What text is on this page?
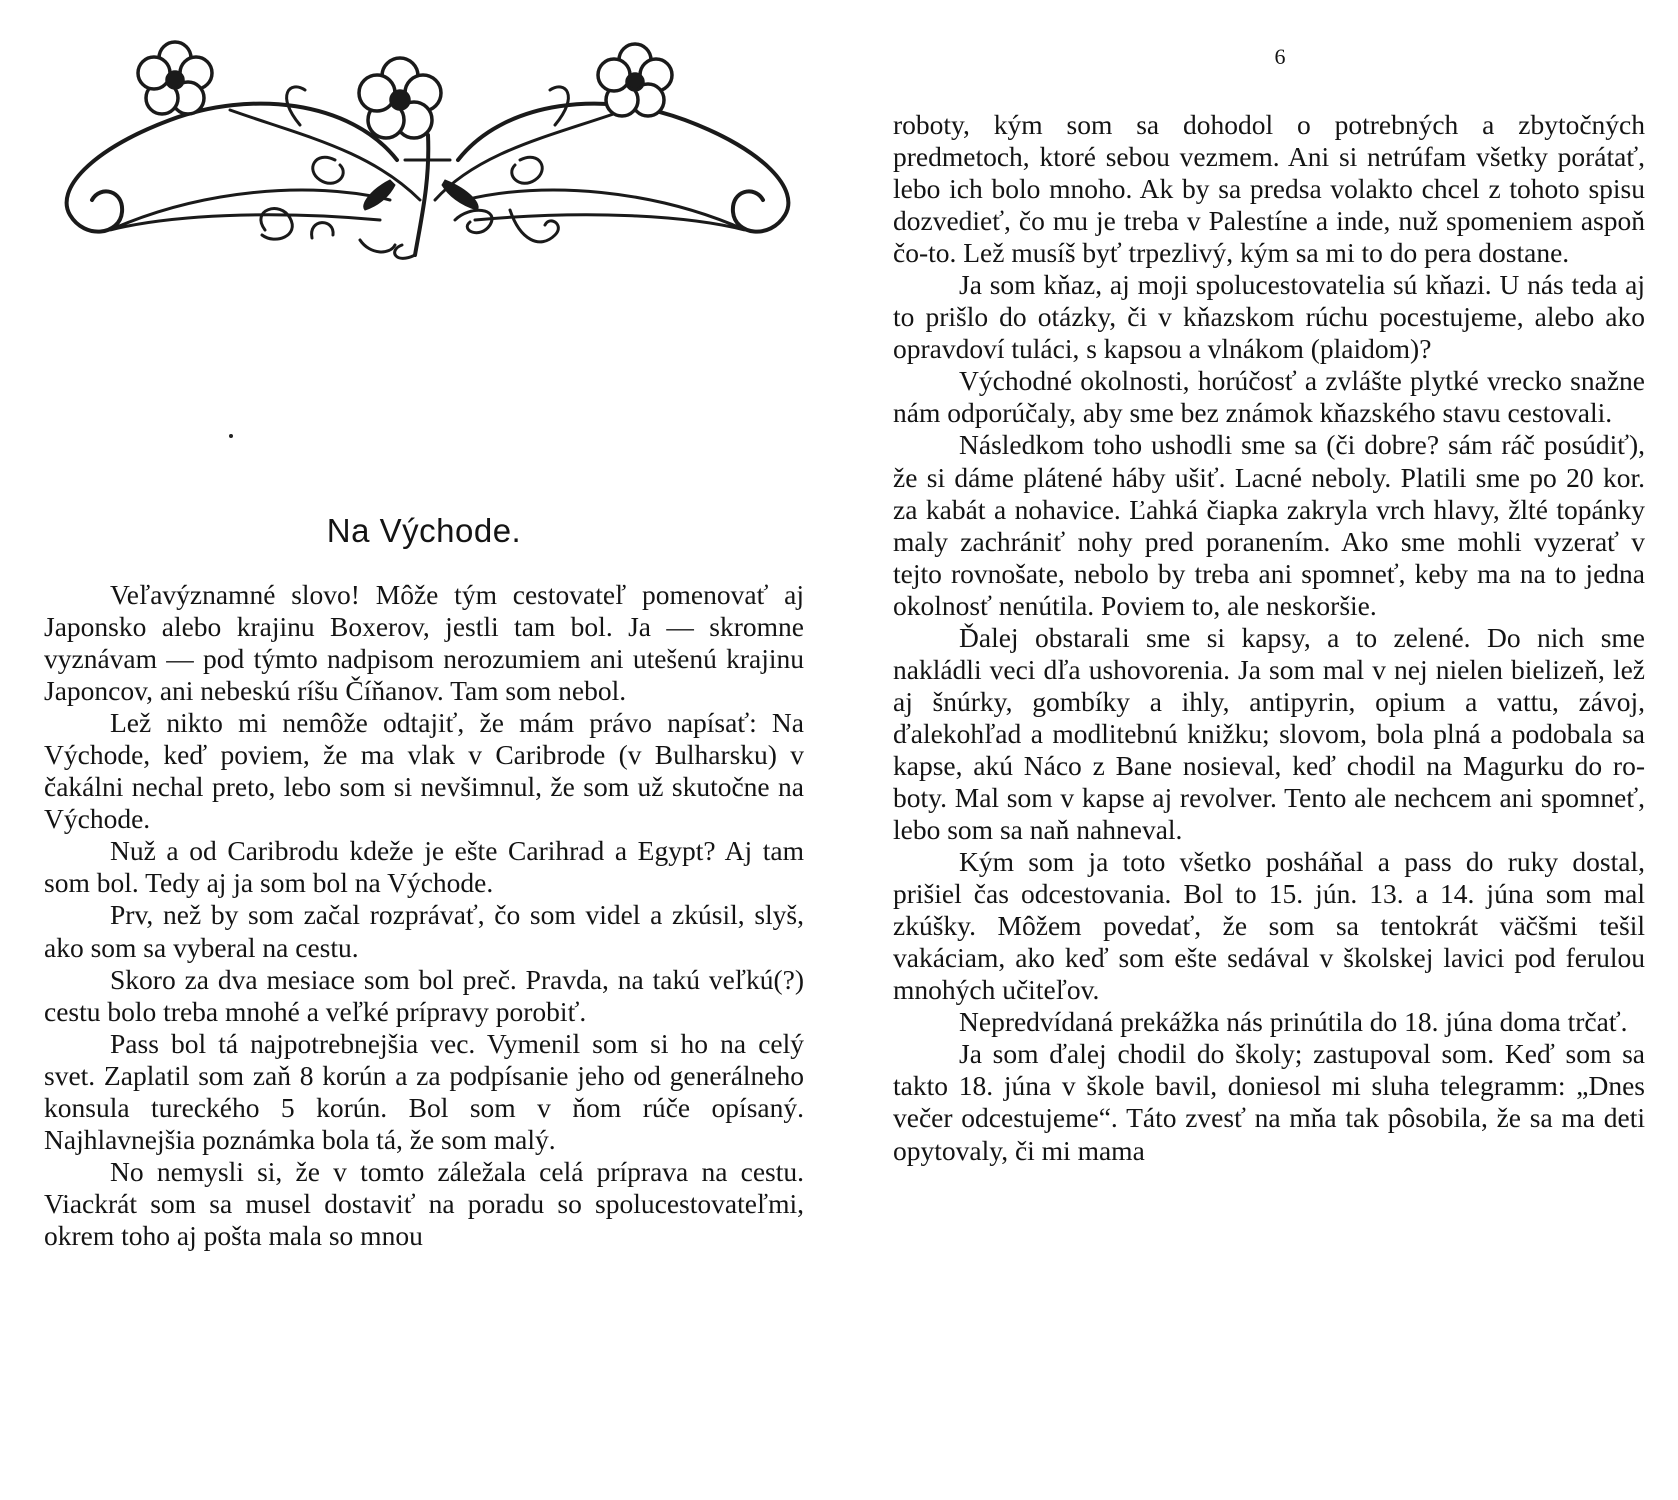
Na Východe.

Veľavýznamné slovo! Môže tým cestovateľ pomenovať aj Japonsko alebo krajinu Boxerov, jestli tam bol. Ja — skromne vyznávam — pod týmto nadpisom nerozumiem ani utešenú krajinu Japoncov, ani nebeskú ríšu Číňanov. Tam som nebol.

Lež nikto mi nemôže odtajiť, že mám právo napísať: Na Východe, keď poviem, že ma vlak v Caribrode (v Bulharsku) v čakálni nechal preto, lebo som si nevšimnul, že som už skutočne na Východe.

Nuž a od Caribrodu kdeže je ešte Carihrad a Egypt? Aj tam som bol. Tedy aj ja som bol na Východe.

Prv, než by som začal rozprávať, čo som videl a zkúsil, slyš, ako som sa vyberal na cestu.

Skoro za dva mesiace som bol preč. Pravda, na takú veľkú(?) cestu bolo treba mnohé a veľké prípravy porobiť.

Pass bol tá najpotrebnejšia vec. Vymenil som si ho na celý svet. Zaplatil som zaň 8 korún a za podpísanie jeho od generálneho konsula tureckého 5 korún. Bol som v ňom rúče opísaný. Najhlavnejšia poznámka bola tá, že som malý.

No nemysli si, že v tomto záležala celá príprava na cestu. Viackrát som sa musel dostaviť na poradu so spolucestovateľmi, okrem toho aj pošta mala so mnou

6

roboty, kým som sa dohodol o potrebných a zbytočných predmetoch, ktoré sebou vezmem. Ani si netrúfam všetky porátať, lebo ich bolo mnoho. Ak by sa predsa volakto chcel z tohoto spisu dozvedieť, čo mu je treba v Palestíne a inde, nuž spomeniem aspoň čo-to. Lež musíš byť trpezlivý, kým sa mi to do pera dostane.

Ja som kňaz, aj moji spolucestovatelia sú kňazi. U nás teda aj to prišlo do otázky, či v kňazskom rúchu pocestujeme, alebo ako opravdoví tuláci, s kapsou a vlnákom (plaidom)?

Východné okolnosti, horúčosť a zvlášte plytké vrecko snažne nám odporúčaly, aby sme bez známok kňazského stavu cestovali.

Následkom toho ushodli sme sa (či dobre? sám ráč posúdiť), že si dáme plátené háby ušiť. Lacné neboly. Platili sme po 20 kor. za kabát a nohavice. Ľahká čiapka zakryla vrch hlavy, žlté topánky maly zachrániť nohy pred poranením. Ako sme mohli vyzerať v tejto rovnošate, nebolo by treba ani spomneť, keby ma na to jedna okolnosť nenútila. Poviem to, ale neskoršie.

Ďalej obstarali sme si kapsy, a to zelené. Do nich sme nakládli veci dľa ushovorenia. Ja som mal v nej nielen bielizeň, lež aj šnúrky, gombíky a ihly, antipyrin, opium a vattu, závoj, ďalekohľad a modlitebnú knižku; slovom, bola plná a podobala sa kapse, akú Náco z Bane nosieval, keď chodil na Magurku do roboty. Mal som v kapse aj revolver. Tento ale nechcem ani spomneť, lebo som sa naň nahneval.

Kým som ja toto všetko posháňal a pass do ruky dostal, prišiel čas odcestovania. Bol to 15. jún. 13. a 14. júna som mal zkúšky. Môžem povedať, že som sa tentokrát väčšmi tešil vakáciam, ako keď som ešte sedával v školskej lavici pod ferulou mnohých učiteľov.

Nepredvídaná prekážka nás prinútila do 18. júna doma trčať.

Ja som ďalej chodil do školy; zastupoval som. Keď som sa takto 18. júna v škole bavil, doniesol mi sluha telegramm: „Dnes večer odcestujeme“. Táto zvesť na mňa tak pôsobila, že sa ma deti opytovaly, či mi mama
